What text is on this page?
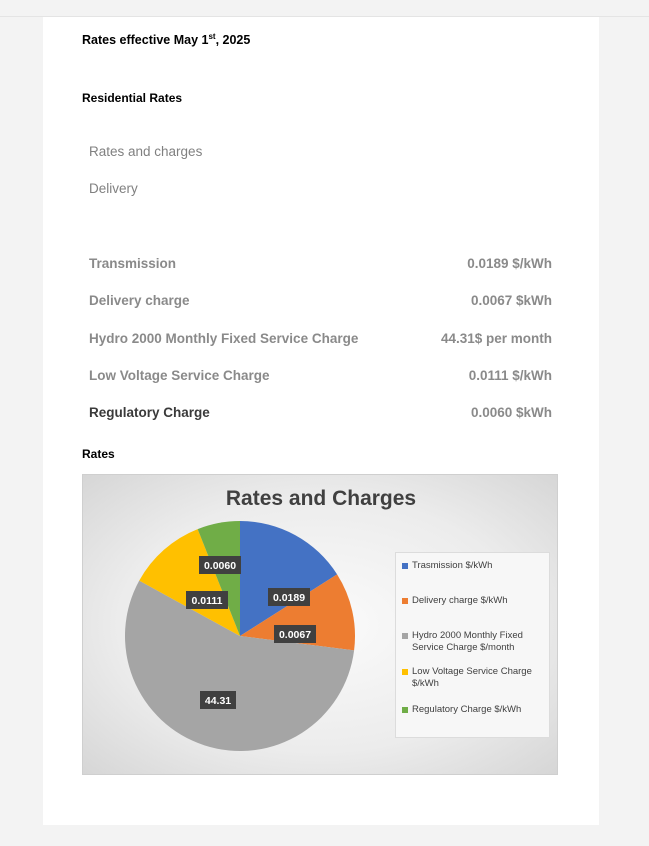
Rates effective May 1st, 2025
Residential Rates
Rates and charges
Delivery
Transmission	0.0189 $/kWh
Delivery charge	0.0067 $kWh
Hydro 2000 Monthly Fixed Service Charge	44.31$ per month
Low Voltage Service Charge	0.0111 $/kWh
Regulatory Charge	0.0060 $kWh
Rates
Rates and Charges
0.0189
0.0067
44.31
0.0111
0.0060	Trasmission $/kWh
Delivery charge $/kWh
Hydro 2000 Monthly Fixed Service Charge $/month
Low Voltage Service Charge $/kWh
Regulatory Charge $/kWh
